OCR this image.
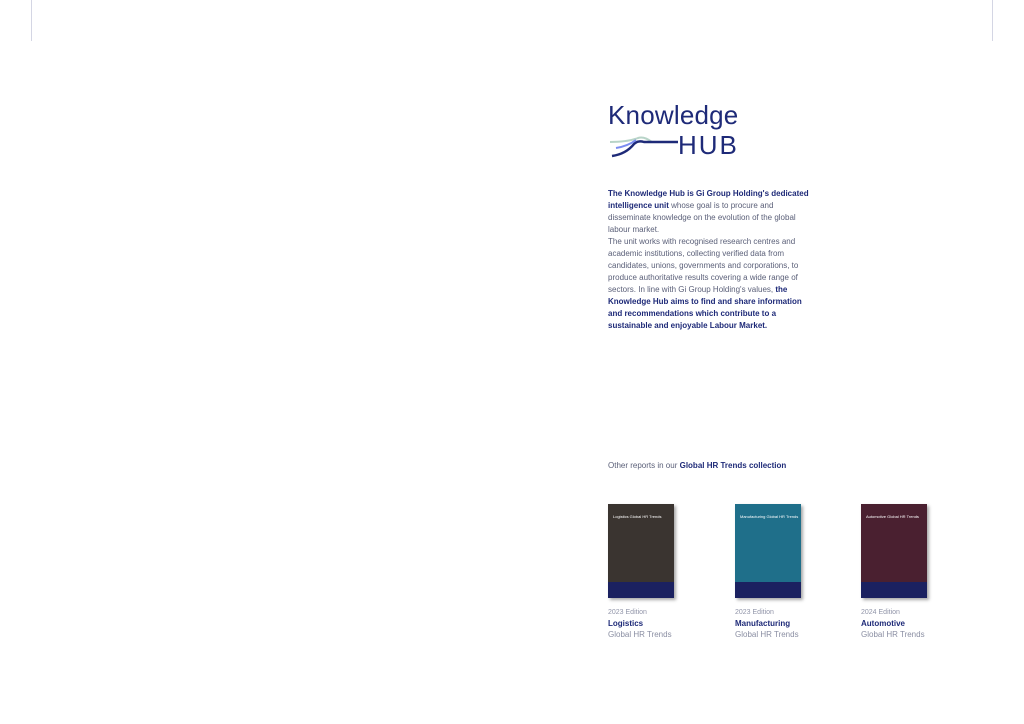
Knowledge
HUB

The Knowledge Hub is Gi Group Holding's dedicated intelligence unit whose goal is to procure and disseminate knowledge on the evolution of the global labour market.

The unit works with recognised research centres and academic institutions, collecting verified data from candidates, unions, governments and corporations, to produce authoritative results covering a wide range of sectors. In line with Gi Group Holding's values, the Knowledge Hub aims to find and share information and recommendations which contribute to a sustainable and enjoyable Labour Market.

Other reports in our Global HR Trends collection
Logistics Global HR Trends
2023 Edition
Logistics
Global HR Trends
Manufacturing Global HR Trends
2023 Edition
Manufacturing
Global HR Trends
Automotive Global HR Trends
2024 Edition
Automotive
Global HR Trends
